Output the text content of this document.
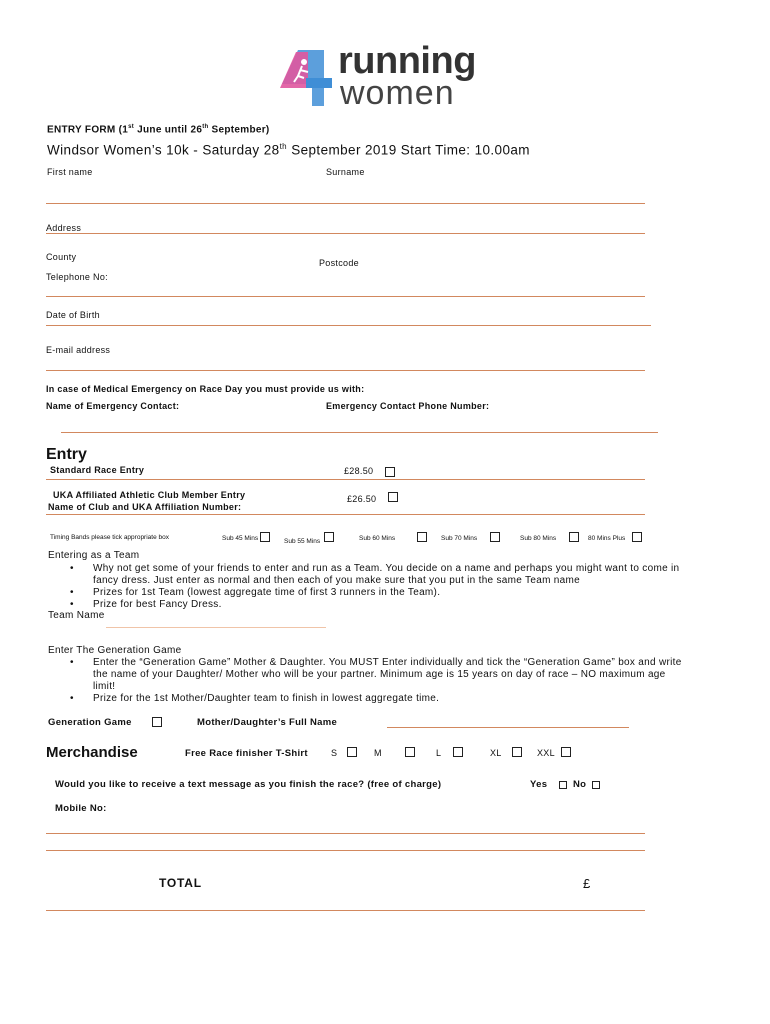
running
women
ENTRY FORM (1st June until 26th September)
Windsor Women’s 10k - Saturday 28th September 2019 Start Time: 10.00am
First name	Surname
Address
County
Postcode
Telephone No:
Date of Birth
E-mail address
In case of Medical Emergency on Race Day you must provide us with:
Name of Emergency Contact:	Emergency Contact Phone Number:
Entry
Standard Race Entry	£28.50
UKA Affiliated Athletic Club Member Entry	£26.50
Name of Club and UKA Affiliation Number:
Timing Bands please tick appropriate box	Sub 45 Mins	Sub 55 Mins	Sub 60 Mins	Sub 70 Mins	Sub 80 Mins	80 Mins Plus
Entering as a Team
• Why not get some of your friends to enter and run as a Team. You decide on a name and perhaps you might want to come in fancy dress. Just enter as normal and then each of you make sure that you put in the same Team name
• Prizes for 1st Team (lowest aggregate time of first 3 runners in the Team).
• Prize for best Fancy Dress.
Team Name
Enter The Generation Game
• Enter the “Generation Game” Mother & Daughter. You MUST Enter individually and tick the “Generation Game” box and write the name of your Daughter/ Mother who will be your partner. Minimum age is 15 years on day of race – NO maximum age limit!
• Prize for the 1st Mother/Daughter team to finish in lowest aggregate time.
Generation Game	Mother/Daughter’s Full Name
Merchandise	Free Race finisher T-Shirt	S	M	L	XL	XXL
Would you like to receive a text message as you finish the race? (free of charge)	Yes	No
Mobile No:
TOTAL	£
